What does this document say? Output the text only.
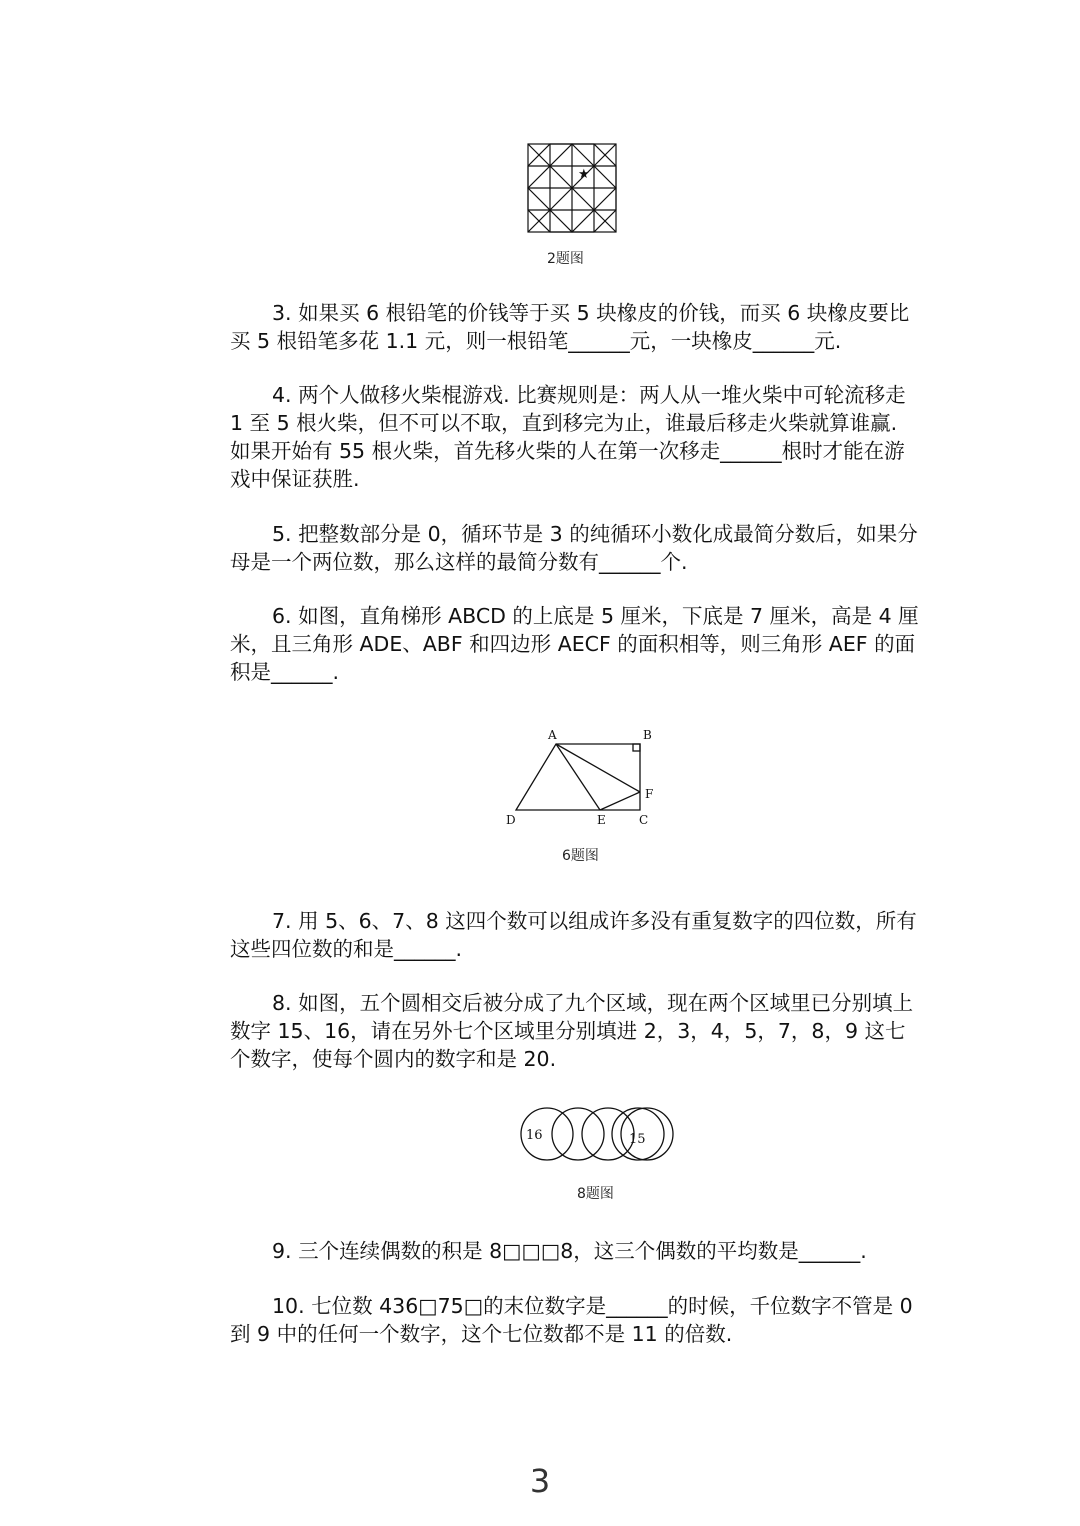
★
2题图

3. 如果买 6 根铅笔的价钱等于买 5 块橡皮的价钱，而买 6 块橡皮要比买 5 根铅笔多花 1.1 元，则一根铅笔______元，一块橡皮______元.

4. 两个人做移火柴棍游戏. 比赛规则是：两人从一堆火柴中可轮流移走 1 至 5 根火柴，但不可以不取，直到移完为止，谁最后移走火柴就算谁赢. 如果开始有 55 根火柴，首先移火柴的人在第一次移走______根时才能在游戏中保证获胜.

5. 把整数部分是 0，循环节是 3 的纯循环小数化成最简分数后，如果分母是一个两位数，那么这样的最简分数有______个.

6. 如图，直角梯形 ABCD 的上底是 5 厘米，下底是 7 厘米，高是 4 厘米，且三角形 ADE、ABF 和四边形 AECF 的面积相等，则三角形 AEF 的面积是______.

A	B
F
D	E	C
6题图

7. 用 5、6、7、8 这四个数可以组成许多没有重复数字的四位数，所有这些四位数的和是______.

8. 如图，五个圆相交后被分成了九个区域，现在两个区域里已分别填上数字 15、16，请在另外七个区域里分别填进 2，3，4，5，7，8，9 这七个数字，使每个圆内的数字和是 20.

16	15
8题图

9. 三个连续偶数的积是 8□□□8，这三个偶数的平均数是______.

10. 七位数 436□75□的末位数字是______的时候，千位数字不管是 0 到 9 中的任何一个数字，这个七位数都不是 11 的倍数.

3
